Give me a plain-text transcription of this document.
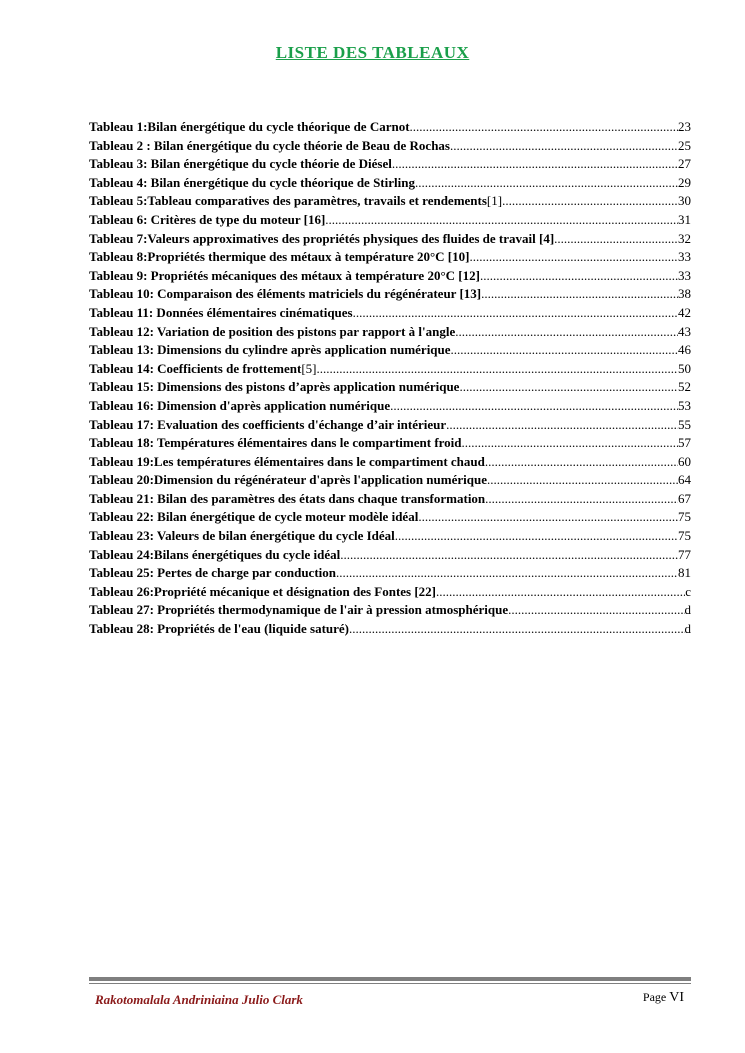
LISTE DES TABLEAUX
Tableau 1:Bilan énergétique du cycle théorique de Carnot .....	23
Tableau 2 : Bilan énergétique du cycle théorie de Beau de Rochas .....	25
Tableau 3: Bilan énergétique du cycle théorie de Diésel .....	27
Tableau 4: Bilan énergétique du cycle théorique de Stirling .....	29
Tableau 5:Tableau comparatives des paramètres, travails et rendements [1] .....	30
Tableau 6: Critères de type du moteur [16] .....	31
Tableau 7:Valeurs approximatives des propriétés physiques des fluides de travail [4] .....	32
Tableau 8:Propriétés thermique des métaux à température 20°C [10] .....	33
Tableau 9: Propriétés mécaniques des métaux à température 20°C [12] .....	33
Tableau 10: Comparaison des éléments matriciels du régénérateur [13] .....	38
Tableau 11: Données élémentaires cinématiques .....	42
Tableau 12: Variation de position des pistons par rapport à l'angle .....	43
Tableau 13: Dimensions du cylindre après application numérique .....	46
Tableau 14: Coefficients de frottement [5] .....	50
Tableau 15: Dimensions des pistons d’après application numérique .....	52
Tableau 16: Dimension d'après application numérique .....	53
Tableau 17: Evaluation des coefficients d'échange d’air intérieur .....	55
Tableau 18: Températures élémentaires dans le compartiment froid .....	57
Tableau 19:Les températures élémentaires dans le compartiment chaud .....	60
Tableau 20:Dimension du régénérateur d'après l'application numérique .....	64
Tableau 21: Bilan des paramètres des états dans chaque transformation .....	67
Tableau 22: Bilan énergétique de cycle moteur modèle idéal .....	75
Tableau 23: Valeurs de bilan énergétique du cycle Idéal .....	75
Tableau 24:Bilans énergétiques du cycle idéal .....	77
Tableau 25: Pertes de charge par conduction .....	81
Tableau 26:Propriété mécanique et désignation des Fontes [22] .....	c
Tableau 27: Propriétés thermodynamique de l'air à pression atmosphérique .....	d
Tableau 28: Propriétés de l'eau (liquide saturé) .....	d
Rakotomalala Andriniaina Julio Clark	Page VI
